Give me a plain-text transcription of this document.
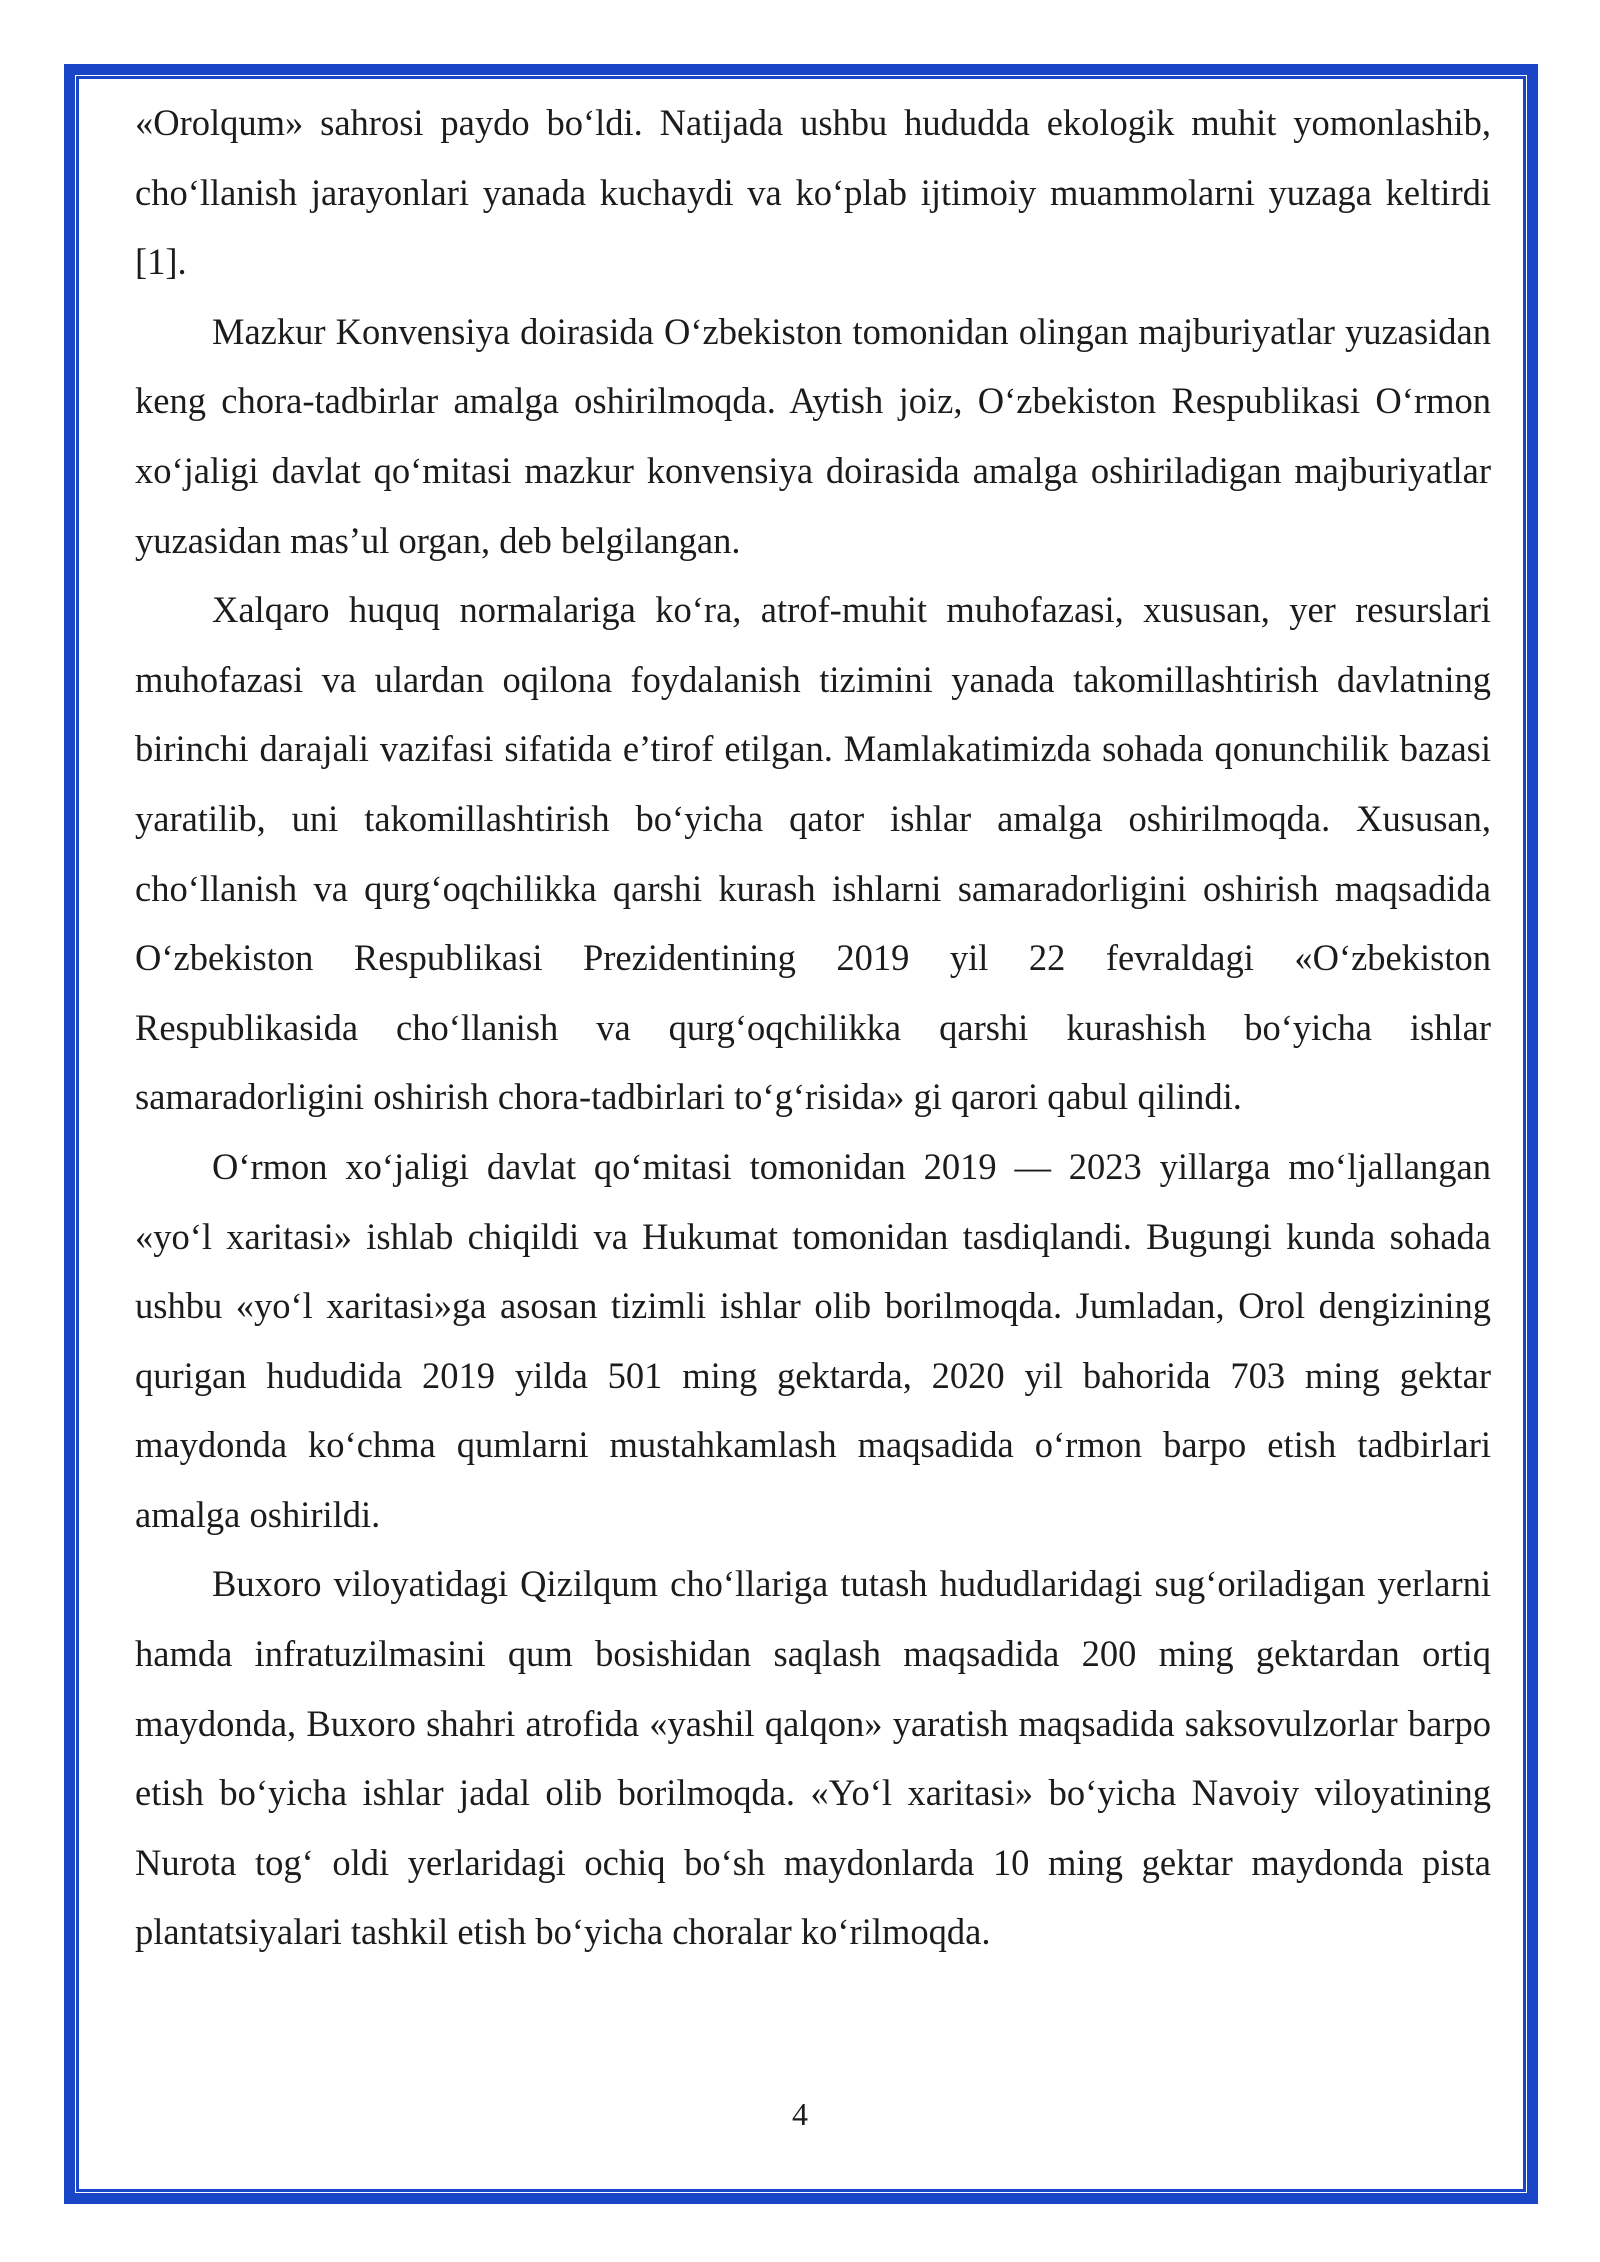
«Orolqum» sahrosi paydo bo‘ldi. Natijada ushbu hududda ekologik muhit yomonlashib, cho‘llanish jarayonlari yanada kuchaydi va ko‘plab ijtimoiy muammolarni yuzaga keltirdi [1].

Mazkur Konvensiya doirasida O‘zbekiston tomonidan olingan majburiyatlar yuzasidan keng chora-tadbirlar amalga oshirilmoqda. Aytish joiz, O‘zbekiston Respublikasi O‘rmon xo‘jaligi davlat qo‘mitasi mazkur konvensiya doirasida amalga oshiriladigan majburiyatlar yuzasidan mas’ul organ, deb belgilangan.

Xalqaro huquq normalariga ko‘ra, atrof-muhit muhofazasi, xususan, yer resurslari muhofazasi va ulardan oqilona foydalanish tizimini yanada takomillashtirish davlatning birinchi darajali vazifasi sifatida e’tirof etilgan. Mamlakatimizda sohada qonunchilik bazasi yaratilib, uni takomillashtirish bo‘yicha qator ishlar amalga oshirilmoqda. Xususan, cho‘llanish va qurg‘oqchilikka qarshi kurash ishlarni samaradorligini oshirish maqsadida O‘zbekiston Respublikasi Prezidentining 2019 yil 22 fevraldagi «O‘zbekiston Respublikasida cho‘llanish va qurg‘oqchilikka qarshi kurashish bo‘yicha ishlar samaradorligini oshirish chora-tadbirlari to‘g‘risida» gi qarori qabul qilindi.

O‘rmon xo‘jaligi davlat qo‘mitasi tomonidan 2019 — 2023 yillarga mo‘ljallangan «yo‘l xaritasi» ishlab chiqildi va Hukumat tomonidan tasdiqlandi. Bugungi kunda sohada ushbu «yo‘l xaritasi»ga asosan tizimli ishlar olib borilmoqda. Jumladan, Orol dengizining qurigan hududida 2019 yilda 501 ming gektarda, 2020 yil bahorida 703 ming gektar maydonda ko‘chma qumlarni mustahkamlash maqsadida o‘rmon barpo etish tadbirlari amalga oshirildi.

Buxoro viloyatidagi Qizilqum cho‘llariga tutash hududlaridagi sug‘oriladigan yerlarni hamda infratuzilmasini qum bosishidan saqlash maqsadida 200 ming gektardan ortiq maydonda, Buxoro shahri atrofida «yashil qalqon» yaratish maqsadida saksovulzorlar barpo etish bo‘yicha ishlar jadal olib borilmoqda. «Yo‘l xaritasi» bo‘yicha Navoiy viloyatining Nurota tog‘ oldi yerlaridagi ochiq bo‘sh maydonlarda 10 ming gektar maydonda pista plantatsiyalari tashkil etish bo‘yicha choralar ko‘rilmoqda.

4
